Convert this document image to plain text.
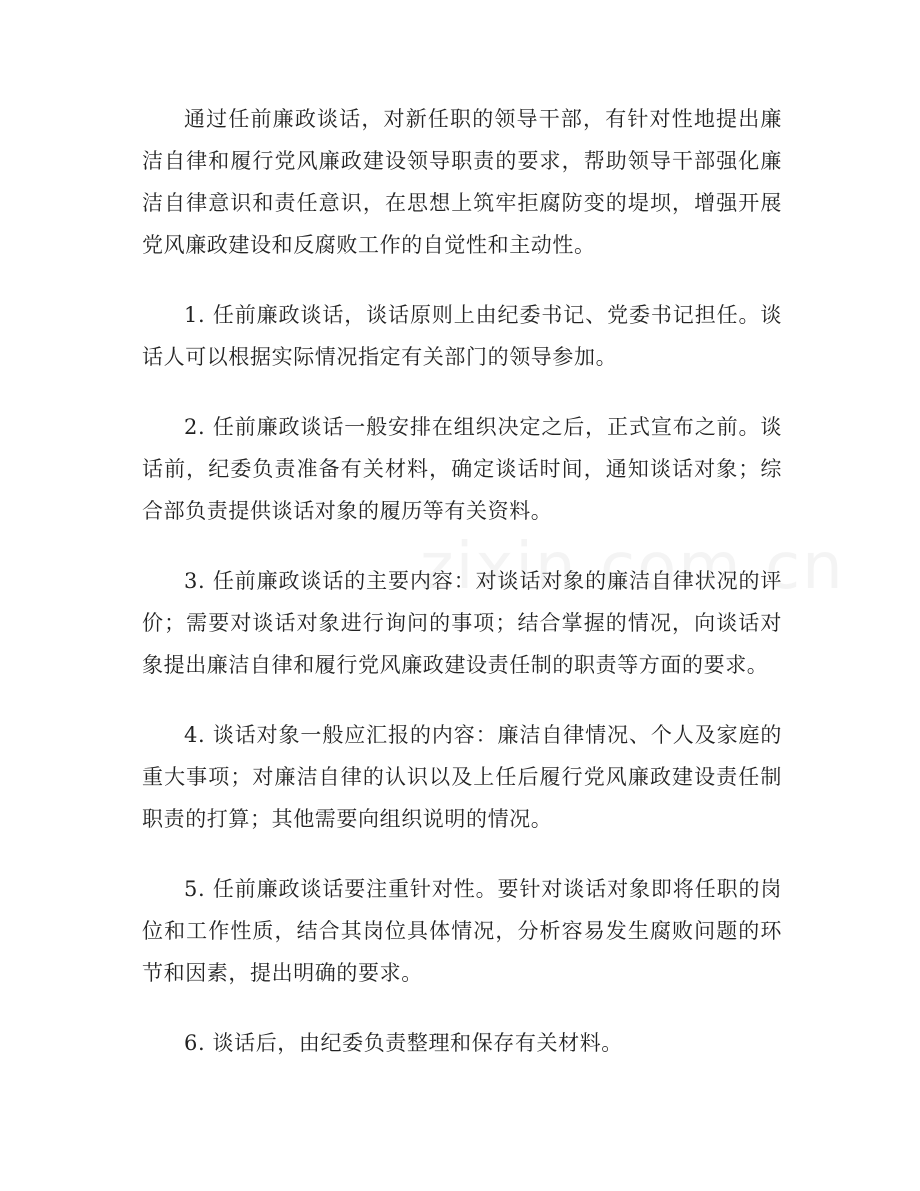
通过任前廉政谈话，对新任职的领导干部，有针对性地提出廉洁自律和履行党风廉政建设领导职责的要求，帮助领导干部强化廉洁自律意识和责任意识，在思想上筑牢拒腐防变的堤坝，增强开展党风廉政建设和反腐败工作的自觉性和主动性。

1. 任前廉政谈话，谈话原则上由纪委书记、党委书记担任。谈话人可以根据实际情况指定有关部门的领导参加。

2. 任前廉政谈话一般安排在组织决定之后，正式宣布之前。谈话前，纪委负责准备有关材料，确定谈话时间，通知谈话对象；综合部负责提供谈话对象的履历等有关资料。

3. 任前廉政谈话的主要内容：对谈话对象的廉洁自律状况的评价；需要对谈话对象进行询问的事项；结合掌握的情况，向谈话对象提出廉洁自律和履行党风廉政建设责任制的职责等方面的要求。

4. 谈话对象一般应汇报的内容：廉洁自律情况、个人及家庭的重大事项；对廉洁自律的认识以及上任后履行党风廉政建设责任制职责的打算；其他需要向组织说明的情况。

5. 任前廉政谈话要注重针对性。要针对谈话对象即将任职的岗位和工作性质，结合其岗位具体情况，分析容易发生腐败问题的环节和因素，提出明确的要求。

6. 谈话后，由纪委负责整理和保存有关材料。
